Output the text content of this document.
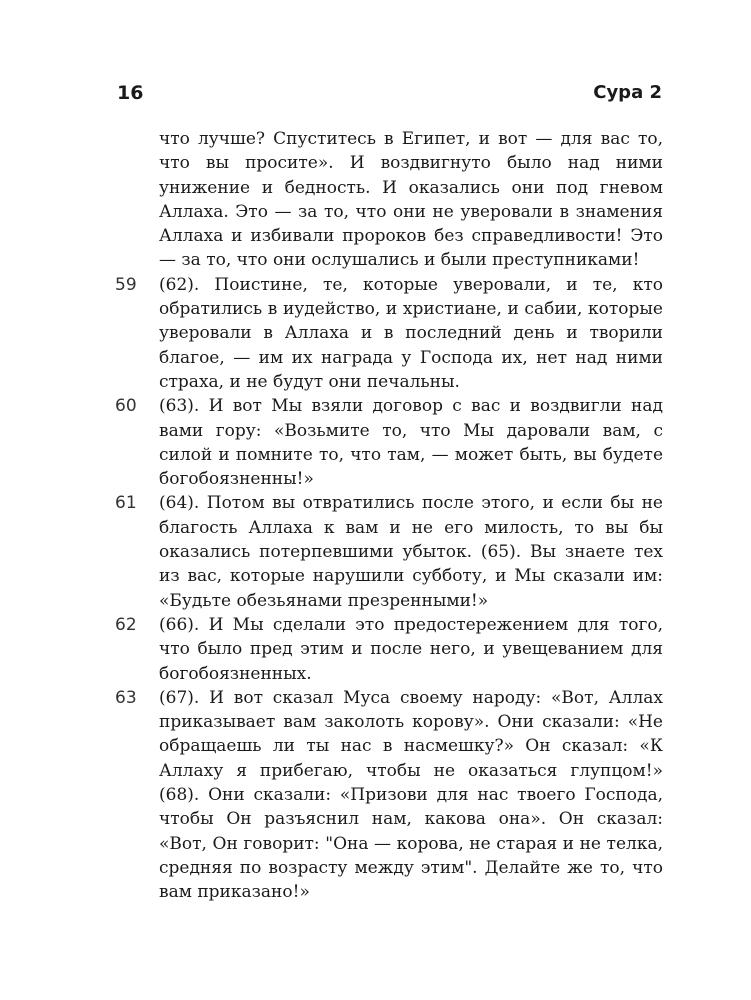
16	Сура 2

что лучше? Спуститесь в Египет, и вот — для вас то, что вы просите». И воздвигнуто было над ними унижение и бедность. И оказались они под гневом Аллаха. Это — за то, что они не уверовали в знамения Аллаха и избивали пророков без справедливости! Это — за то, что они ослушались и были преступниками!

59 (62). Поистине, те, которые уверовали, и те, кто обратились в иудейство, и христиане, и сабии, которые уверовали в Аллаха и в последний день и творили благое, — им их награда у Господа их, нет над ними страха, и не будут они печальны.

60 (63). И вот Мы взяли договор с вас и воздвигли над вами гору: «Возьмите то, что Мы даровали вам, с силой и помните то, что там, — может быть, вы будете богобоязненны!»

61 (64). Потом вы отвратились после этого, и если бы не благость Аллаха к вам и не его милость, то вы бы оказались потерпевшими убыток. (65). Вы знаете тех из вас, которые нарушили субботу, и Мы сказали им: «Будьте обезьянами презренными!»

62 (66). И Мы сделали это предостережением для того, что было пред этим и после него, и увещеванием для богобоязненных.

63 (67). И вот сказал Муса своему народу: «Вот, Аллах приказывает вам заколоть корову». Они сказали: «Не обращаешь ли ты нас в насмешку?» Он сказал: «К Аллаху я прибегаю, чтобы не оказаться глупцом!» (68). Они сказали: «Призови для нас твоего Господа, чтобы Он разъяснил нам, какова она». Он сказал: «Вот, Он говорит: "Она — корова, не старая и не телка, средняя по возрасту между этим". Делайте же то, что вам приказано!»
